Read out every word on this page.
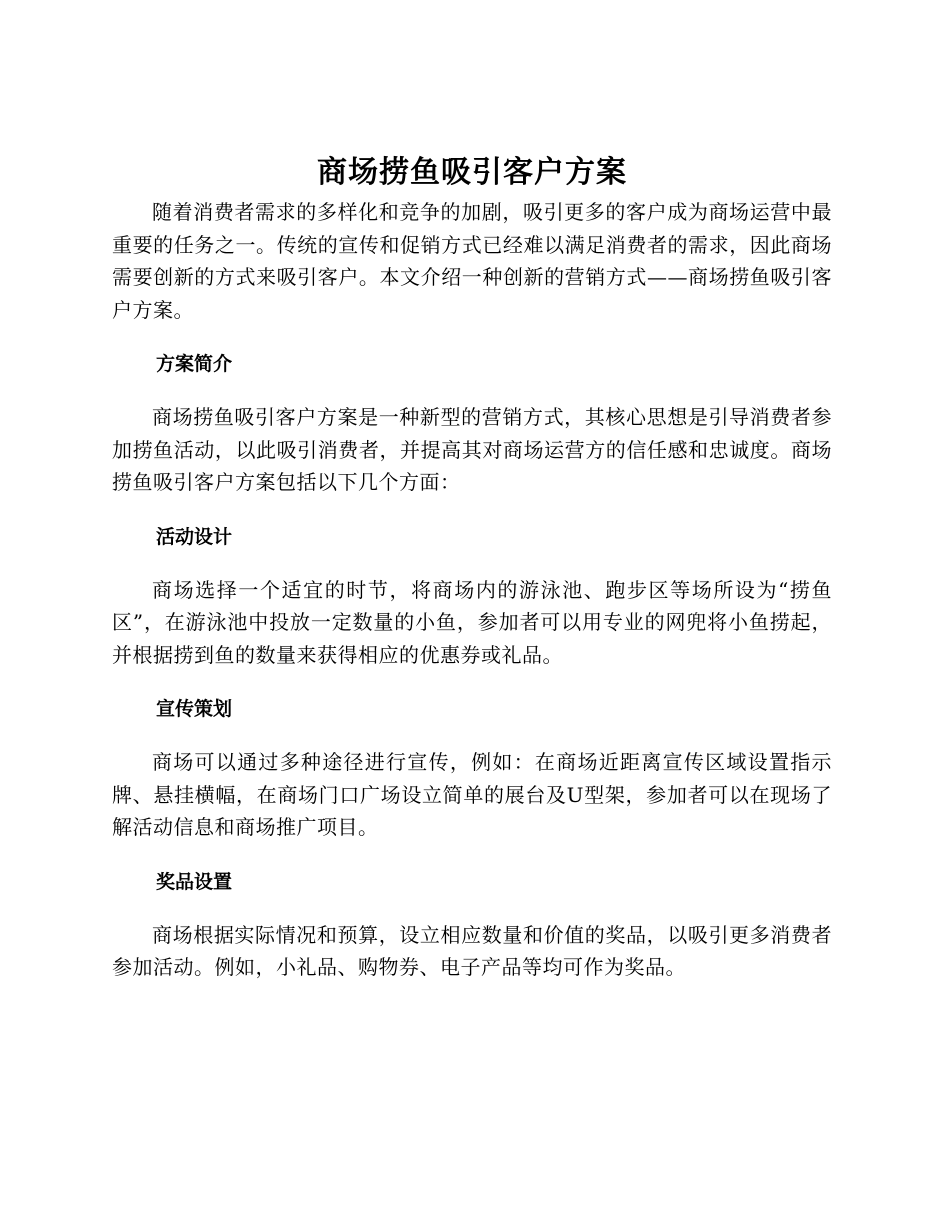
商场捞鱼吸引客户方案

随着消费者需求的多样化和竞争的加剧，吸引更多的客户成为商场运营中最重要的任务之一。传统的宣传和促销方式已经难以满足消费者的需求，因此商场需要创新的方式来吸引客户。本文介绍一种创新的营销方式——商场捞鱼吸引客户方案。

方案简介

商场捞鱼吸引客户方案是一种新型的营销方式，其核心思想是引导消费者参加捞鱼活动，以此吸引消费者，并提高其对商场运营方的信任感和忠诚度。商场捞鱼吸引客户方案包括以下几个方面：

活动设计

商场选择一个适宜的时节，将商场内的游泳池、跑步区等场所设为“捞鱼区”，在游泳池中投放一定数量的小鱼，参加者可以用专业的网兜将小鱼捞起，并根据捞到鱼的数量来获得相应的优惠券或礼品。

宣传策划

商场可以通过多种途径进行宣传，例如：在商场近距离宣传区域设置指示牌、悬挂横幅，在商场门口广场设立简单的展台及U型架，参加者可以在现场了解活动信息和商场推广项目。

奖品设置

商场根据实际情况和预算，设立相应数量和价值的奖品，以吸引更多消费者参加活动。例如，小礼品、购物券、电子产品等均可作为奖品。
